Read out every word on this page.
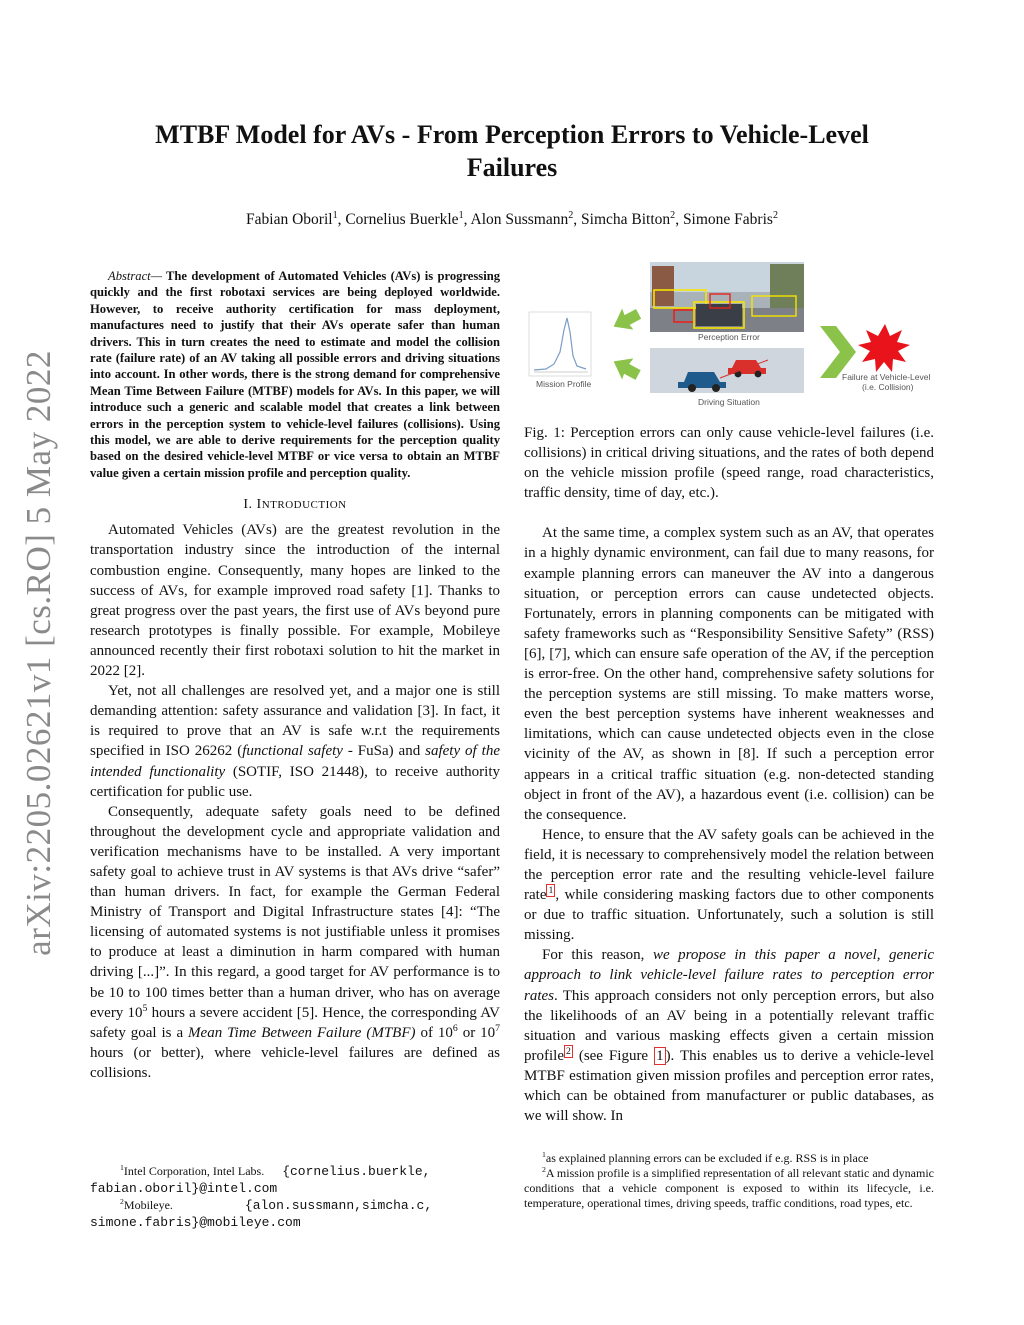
arXiv:2205.02621v1 [cs.RO] 5 May 2022
MTBF Model for AVs - From Perception Errors to Vehicle-Level Failures
Fabian Oboril$^1$, Cornelius Buerkle$^1$, Alon Sussmann$^2$, Simcha Bitton$^2$, Simone Fabris$^2$

Abstract— The development of Automated Vehicles (AVs) is progressing quickly and the first robotaxi services are being deployed worldwide. However, to receive authority certification for mass deployment, manufactures need to justify that their AVs operate safer than human drivers. This in turn creates the need to estimate and model the collision rate (failure rate) of an AV taking all possible errors and driving situations into account. In other words, there is the strong demand for comprehensive Mean Time Between Failure (MTBF) models for AVs. In this paper, we will introduce such a generic and scalable model that creates a link between errors in the perception system to vehicle-level failures (collisions). Using this model, we are able to derive requirements for the perception quality based on the desired vehicle-level MTBF or vice versa to obtain an MTBF value given a certain mission profile and perception quality.

I. INTRODUCTION

Automated Vehicles (AVs) are the greatest revolution in the transportation industry since the introduction of the internal combustion engine. Consequently, many hopes are linked to the success of AVs, for example improved road safety [1]. Thanks to great progress over the past years, the first use of AVs beyond pure research prototypes is finally possible. For example, Mobileye announced recently their first robotaxi solution to hit the market in 2022 [2].

Yet, not all challenges are resolved yet, and a major one is still demanding attention: safety assurance and validation [3]. In fact, it is required to prove that an AV is safe w.r.t the requirements specified in ISO 26262 (functional safety - FuSa) and safety of the intended functionality (SOTIF, ISO 21448), to receive authority certification for public use.

Consequently, adequate safety goals need to be defined throughout the development cycle and appropriate validation and verification mechanisms have to be installed. A very important safety goal to achieve trust in AV systems is that AVs drive “safer” than human drivers. In fact, for example the German Federal Ministry of Transport and Digital Infrastructure states [4]: “The licensing of automated systems is not justifiable unless it promises to produce at least a diminution in harm compared with human driving [...]”. In this regard, a good target for AV performance is to be 10 to 100 times better than a human driver, who has on average every $10^5$ hours a severe accident [5]. Hence, the corresponding AV safety goal is a Mean Time Between Failure (MTBF) of $10^6$ or $10^7$ hours (or better), where vehicle-level failures are defined as collisions.

$^1$Intel Corporation, Intel Labs. {cornelius.buerkle, fabian.oboril}@intel.com

$^2$Mobileye.	{alon.sussmann,simcha.c, simone.fabris}@mobileye.com

Mission Profile
Perception Error
Driving Situation
Failure at Vehicle-Level
(i.e. Collision)

Fig. 1: Perception errors can only cause vehicle-level failures (i.e. collisions) in critical driving situations, and the rates of both depend on the vehicle mission profile (speed range, road characteristics, traffic density, time of day, etc.).

At the same time, a complex system such as an AV, that operates in a highly dynamic environment, can fail due to many reasons, for example planning errors can maneuver the AV into a dangerous situation, or perception errors can cause undetected objects. Fortunately, errors in planning components can be mitigated with safety frameworks such as “Responsibility Sensitive Safety” (RSS) [6], [7], which can ensure safe operation of the AV, if the perception is error-free. On the other hand, comprehensive safety solutions for the perception systems are still missing. To make matters worse, even the best perception systems have inherent weaknesses and limitations, which can cause undetected objects even in the close vicinity of the AV, as shown in [8]. If such a perception error appears in a critical traffic situation (e.g. non-detected standing object in front of the AV), a hazardous event (i.e. collision) can be the consequence.

Hence, to ensure that the AV safety goals can be achieved in the field, it is necessary to comprehensively model the relation between the perception error rate and the resulting vehicle-level failure rate $^1$ , while considering masking factors due to other components or due to traffic situation. Unfortunately, such a solution is still missing.

For this reason, we propose in this paper a novel, generic approach to link vehicle-level failure rates to perception error rates. This approach considers not only perception errors, but also the likelihoods of an AV being in a potentially relevant traffic situation and various masking effects given a certain mission profile $^2$ (see Figure 1 ). This enables us to derive a vehicle-level MTBF estimation given mission profiles and perception error rates, which can be obtained from manufacturer or public databases, as we will show. In

$^1$as explained planning errors can be excluded if e.g. RSS is in place

$^2$A mission profile is a simplified representation of all relevant static and dynamic conditions that a vehicle component is exposed to within its lifecycle, i.e. temperature, operational times, driving speeds, traffic conditions, road types, etc.
